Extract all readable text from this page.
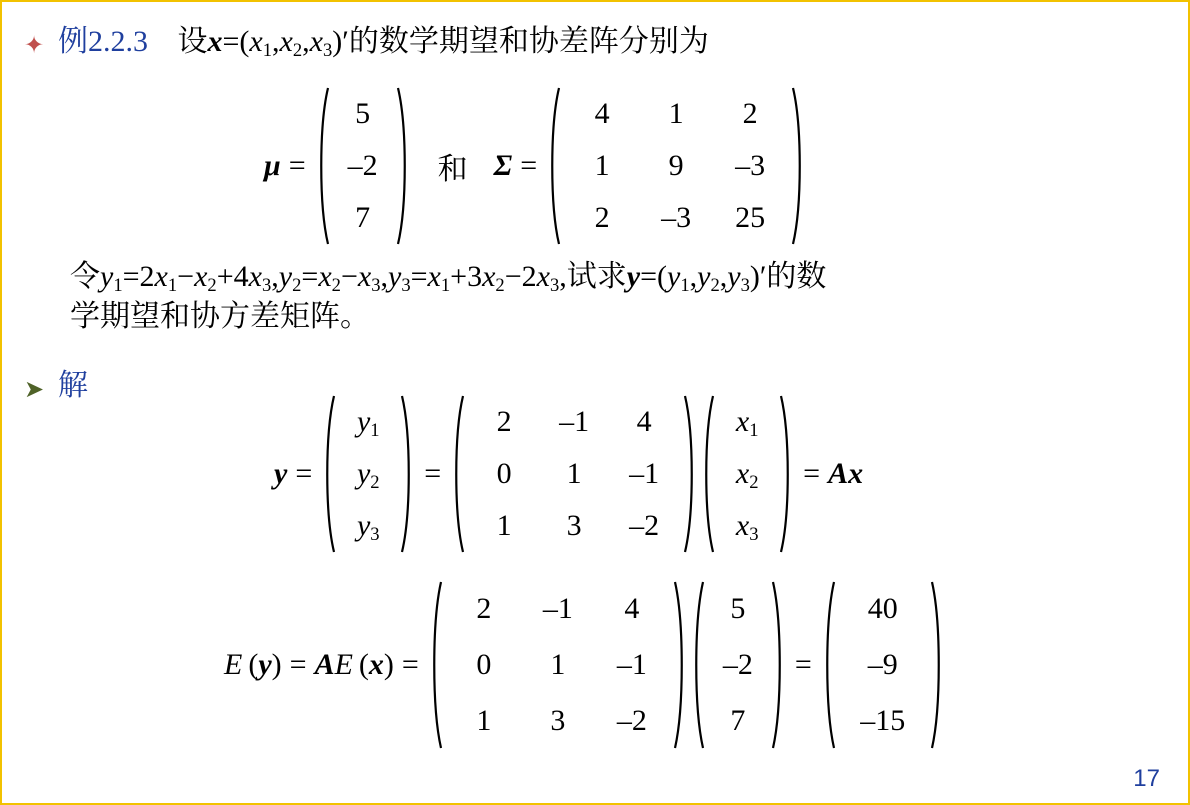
✦ 例2.2.3 设$x=(x_1,x_2,x_3)'$的数学期望和协差阵分别为
μ =
5
–2
7
和 Σ =
4	1	2
1	9	–3
2	–3	25
令$y_1=2x_1-x_2+4x_3,y_2=x_2-x_3,y_3=x_1+3x_2-2x_3$,试求$y=(y_1,y_2,y_3)'$的数
学期望和协方差矩阵。
➤ 解
y =
$y_1$
$y_2$
$y_3$
=
2	–1	4
0	1	–1
1	3	–2
$x_1$
$x_2$
$x_3$
= Ax
E (y) = AE (x) =
2	–1	4
0	1	–1
1	3	–2
5
–2
7
=
40
–9
–15
17
